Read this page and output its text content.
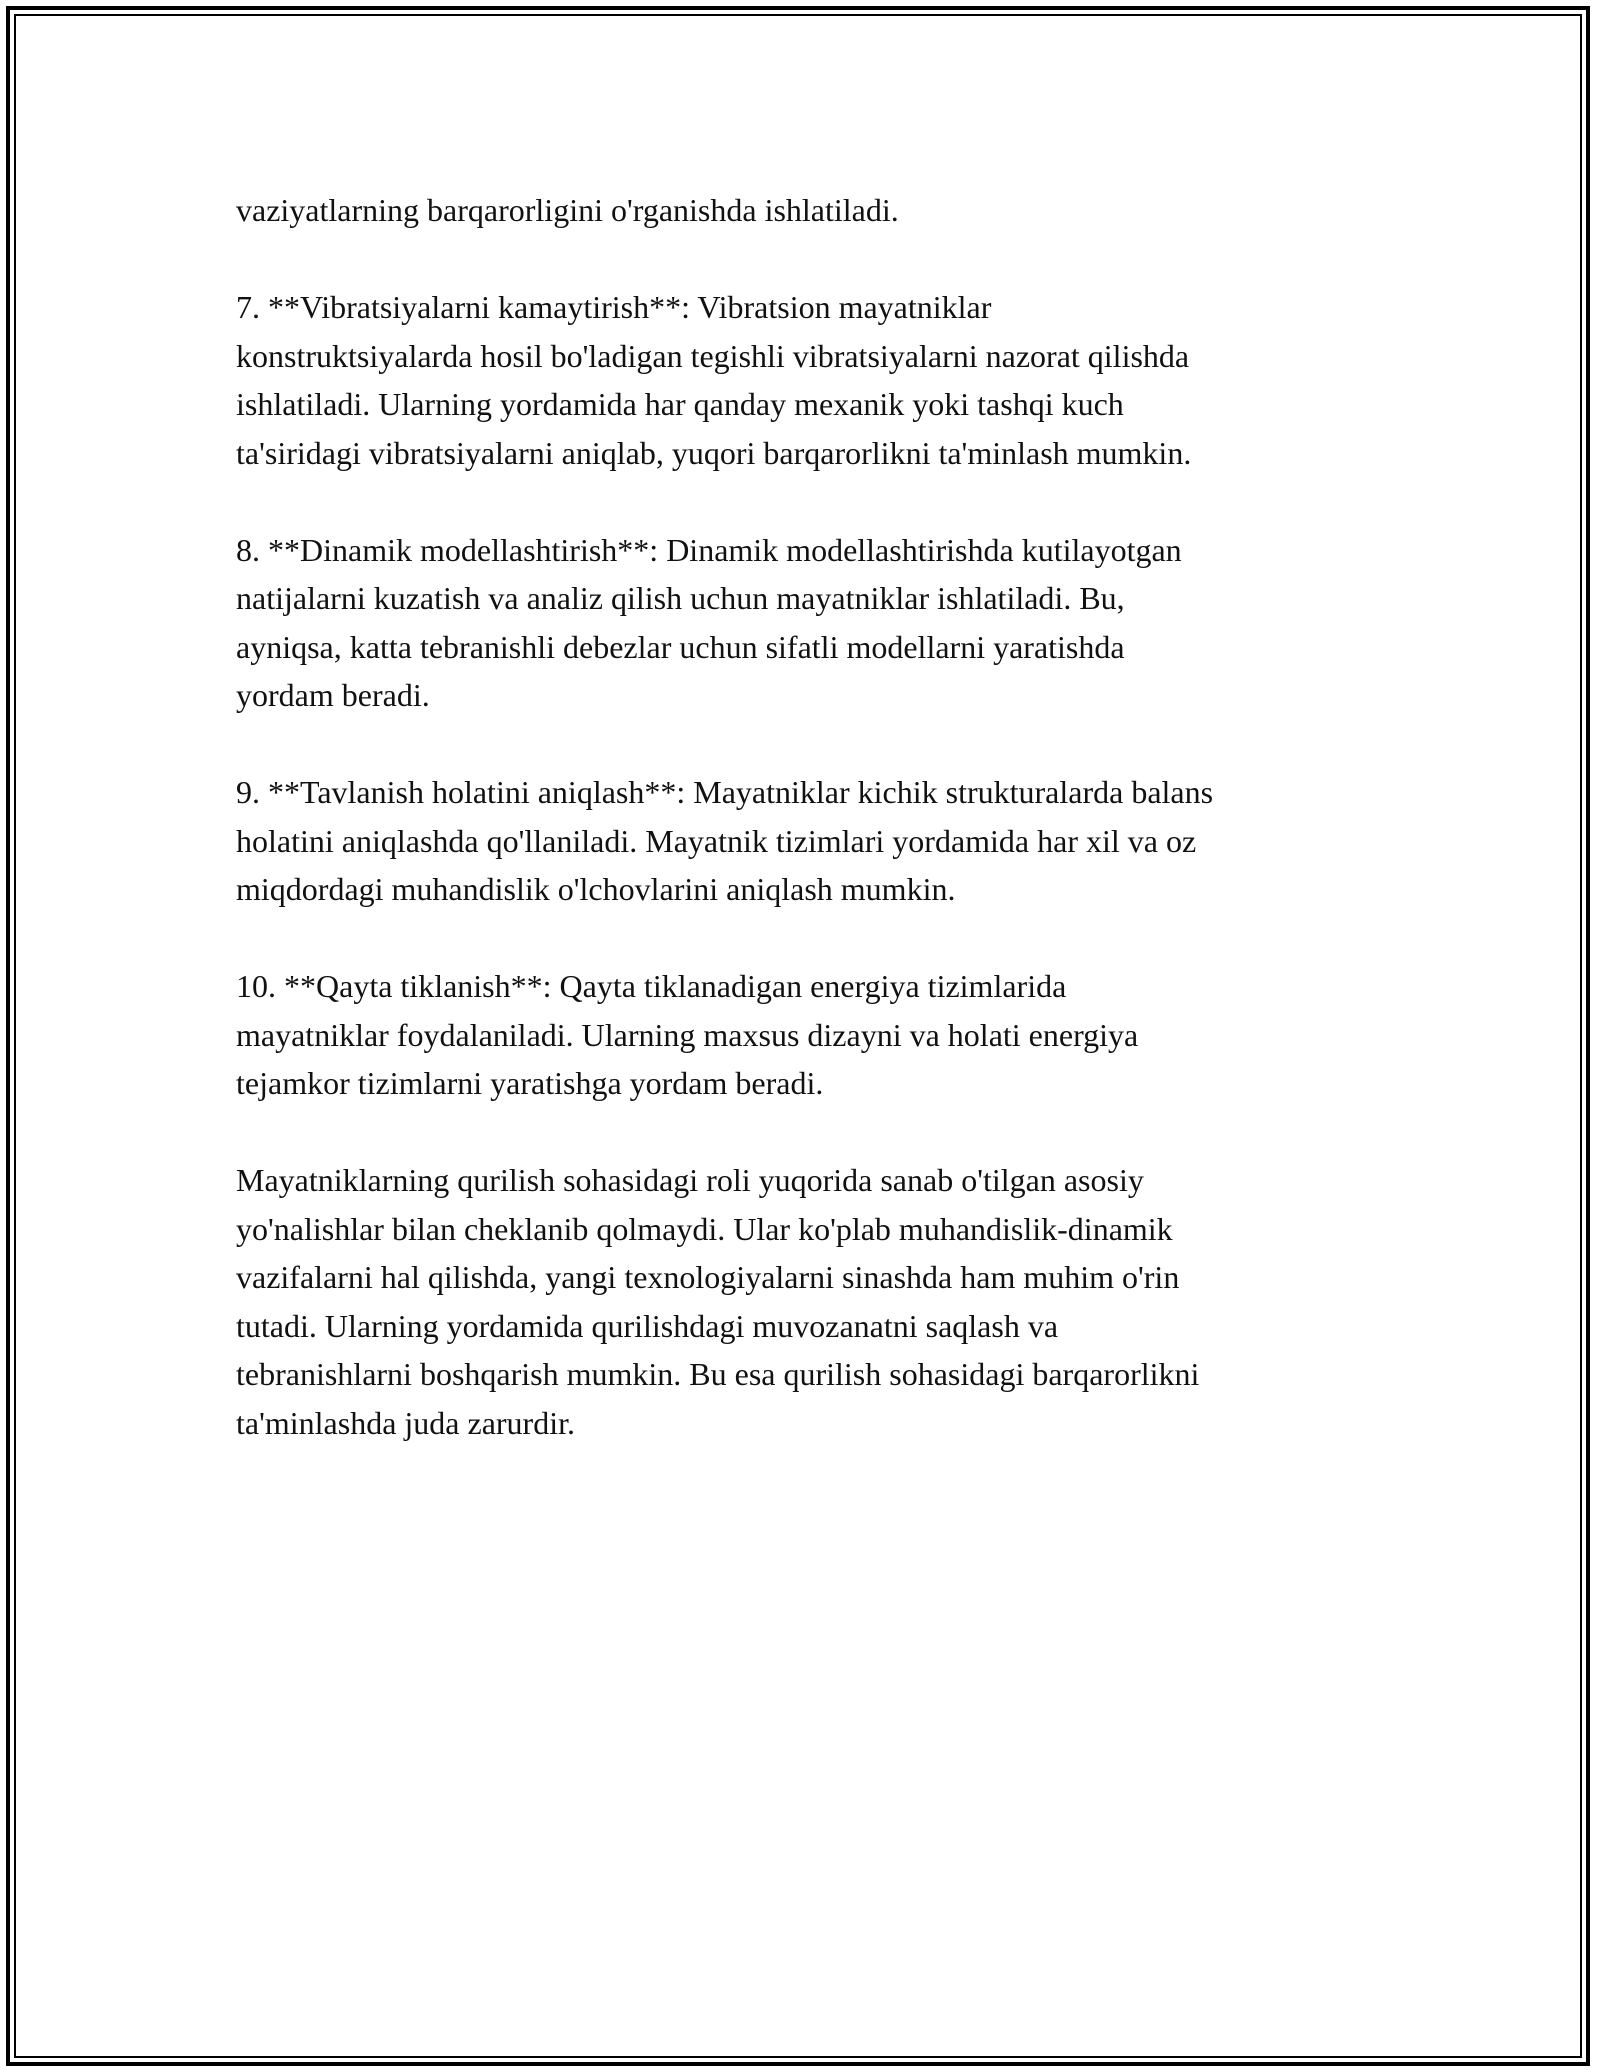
vaziyatlarning barqarorligini o'rganishda ishlatiladi.

7. **Vibratsiyalarni kamaytirish**: Vibratsion mayatniklar
konstruktsiyalarda hosil bo'ladigan tegishli vibratsiyalarni nazorat qilishda
ishlatiladi. Ularning yordamida har qanday mexanik yoki tashqi kuch
ta'siridagi vibratsiyalarni aniqlab, yuqori barqarorlikni ta'minlash mumkin.

8. **Dinamik modellashtirish**: Dinamik modellashtirishda kutilayotgan
natijalarni kuzatish va analiz qilish uchun mayatniklar ishlatiladi. Bu,
ayniqsa, katta tebranishli debezlar uchun sifatli modellarni yaratishda
yordam beradi.

9. **Tavlanish holatini aniqlash**: Mayatniklar kichik strukturalarda balans
holatini aniqlashda qo'llaniladi. Mayatnik tizimlari yordamida har xil va oz
miqdordagi muhandislik o'lchovlarini aniqlash mumkin.

10. **Qayta tiklanish**: Qayta tiklanadigan energiya tizimlarida
mayatniklar foydalaniladi. Ularning maxsus dizayni va holati energiya
tejamkor tizimlarni yaratishga yordam beradi.

Mayatniklarning qurilish sohasidagi roli yuqorida sanab o'tilgan asosiy
yo'nalishlar bilan cheklanib qolmaydi. Ular ko'plab muhandislik-dinamik
vazifalarni hal qilishda, yangi texnologiyalarni sinashda ham muhim o'rin
tutadi. Ularning yordamida qurilishdagi muvozanatni saqlash va
tebranishlarni boshqarish mumkin. Bu esa qurilish sohasidagi barqarorlikni
ta'minlashda juda zarurdir.
